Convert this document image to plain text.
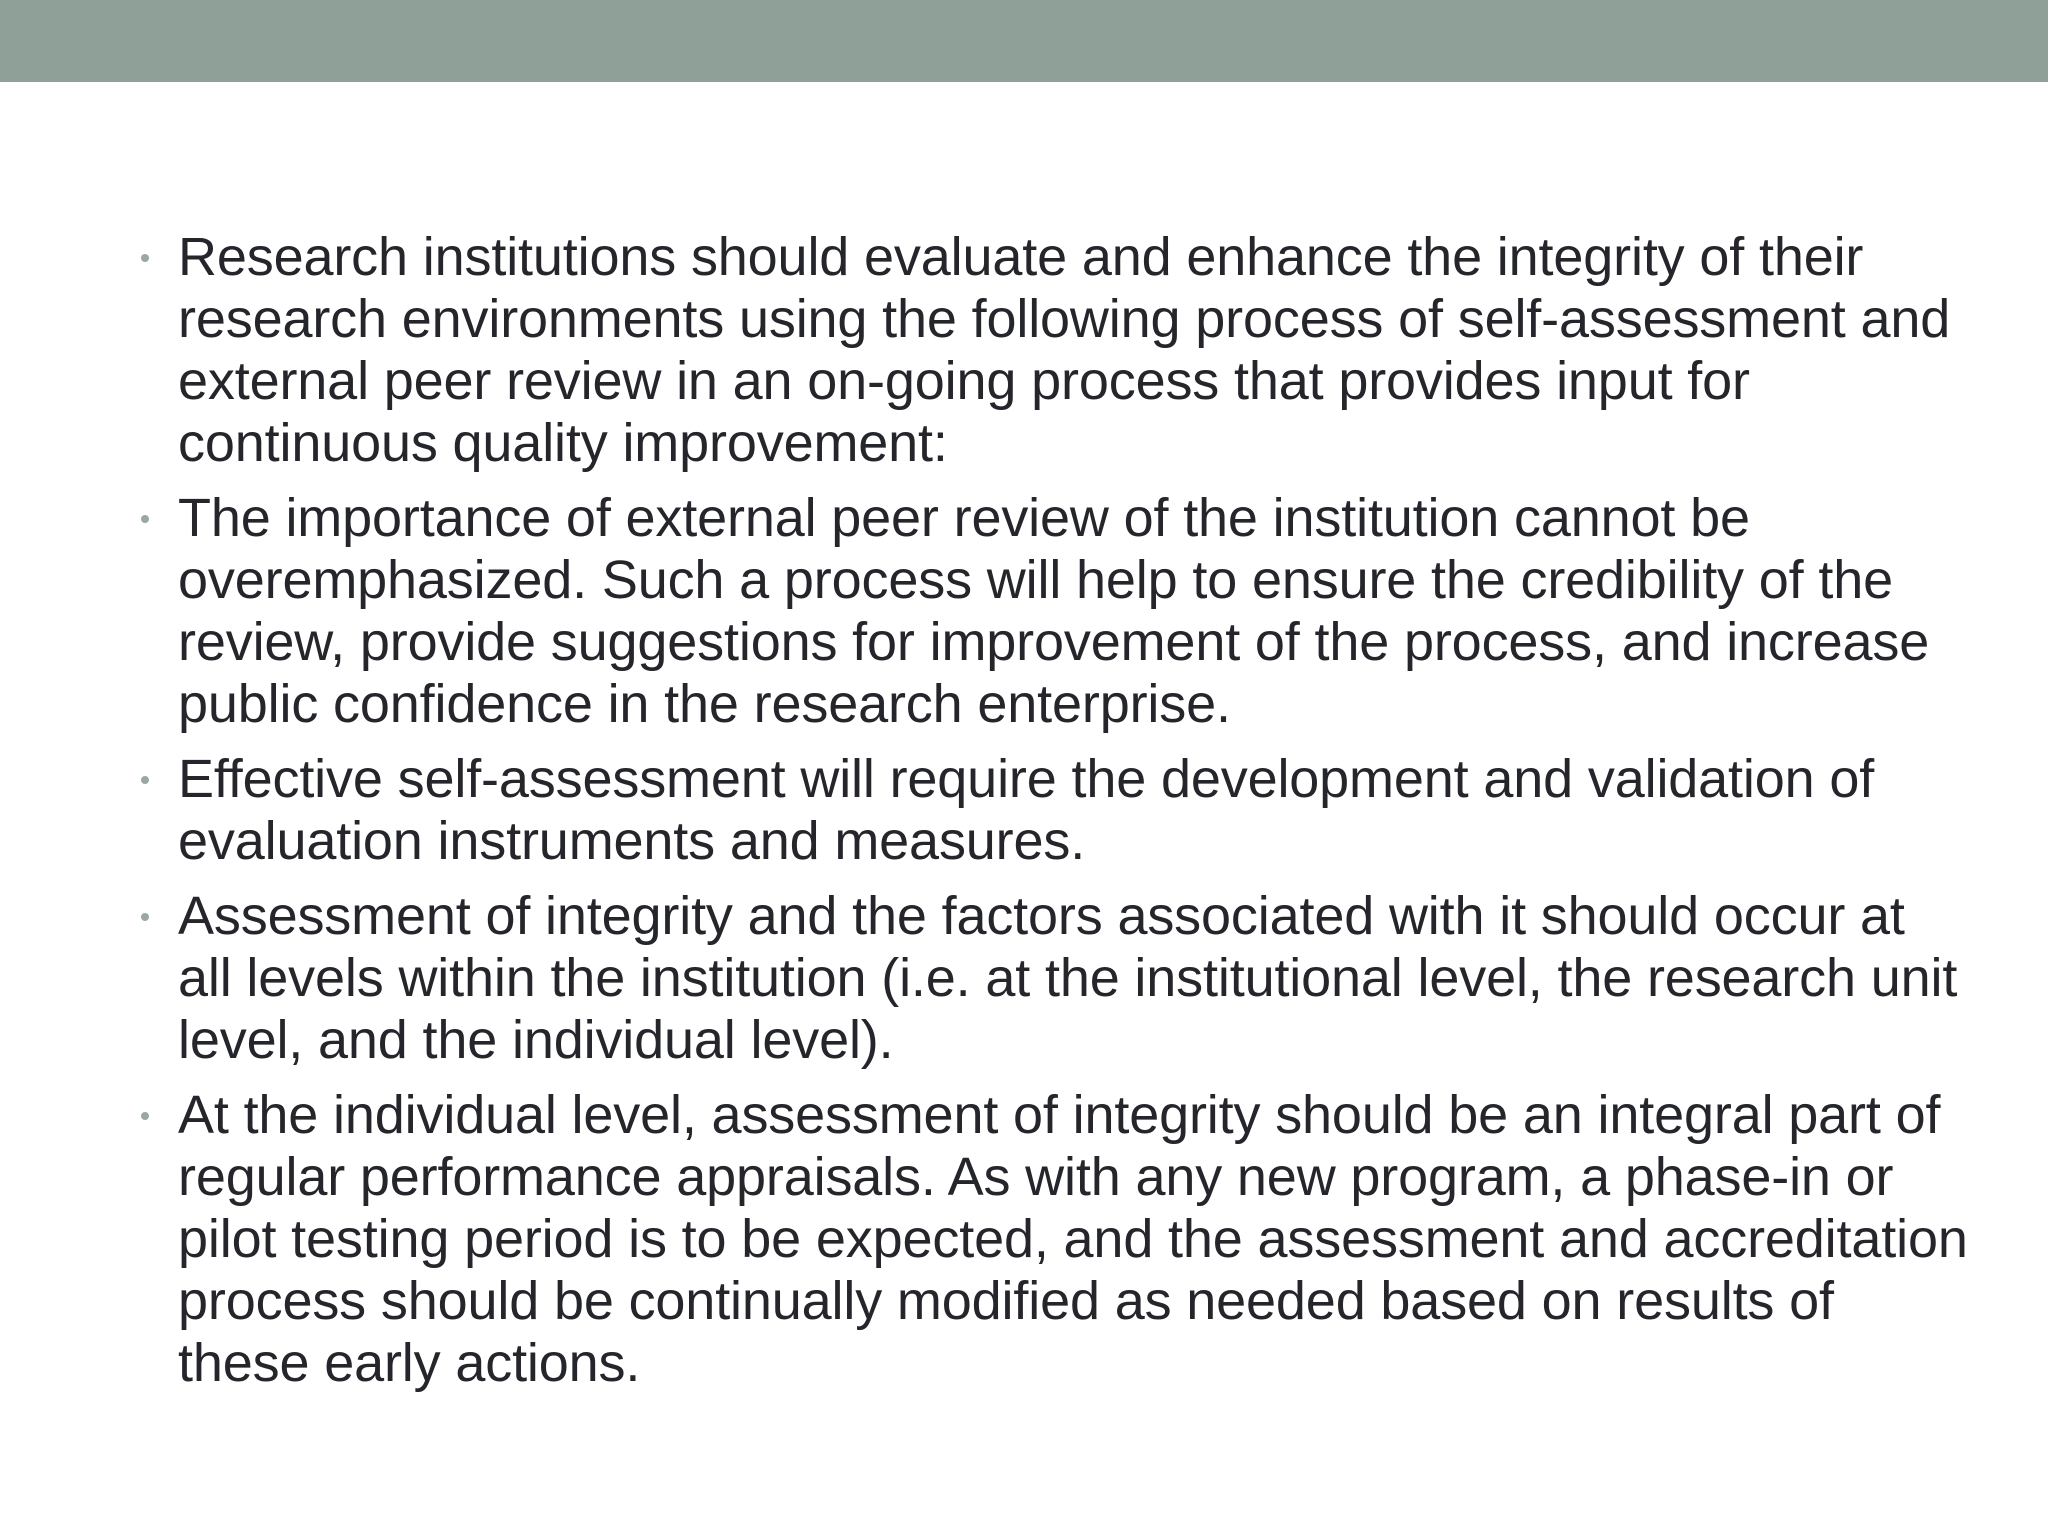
Research institutions should evaluate and enhance the integrity of their research environments using the following process of self-assessment and external peer review in an on-going process that provides input for continuous quality improvement:
The importance of external peer review of the institution cannot be overemphasized. Such a process will help to ensure the credibility of the review, provide suggestions for improvement of the process, and increase public confidence in the research enterprise.
Effective self-assessment will require the development and validation of evaluation instruments and measures.
Assessment of integrity and the factors associated with it should occur at all levels within the institution (i.e. at the institutional level, the research unit level, and the individual level).
At the individual level, assessment of integrity should be an integral part of regular performance appraisals. As with any new program, a phase-in or pilot testing period is to be expected, and the assessment and accreditation process should be continually modified as needed based on results of these early actions.
